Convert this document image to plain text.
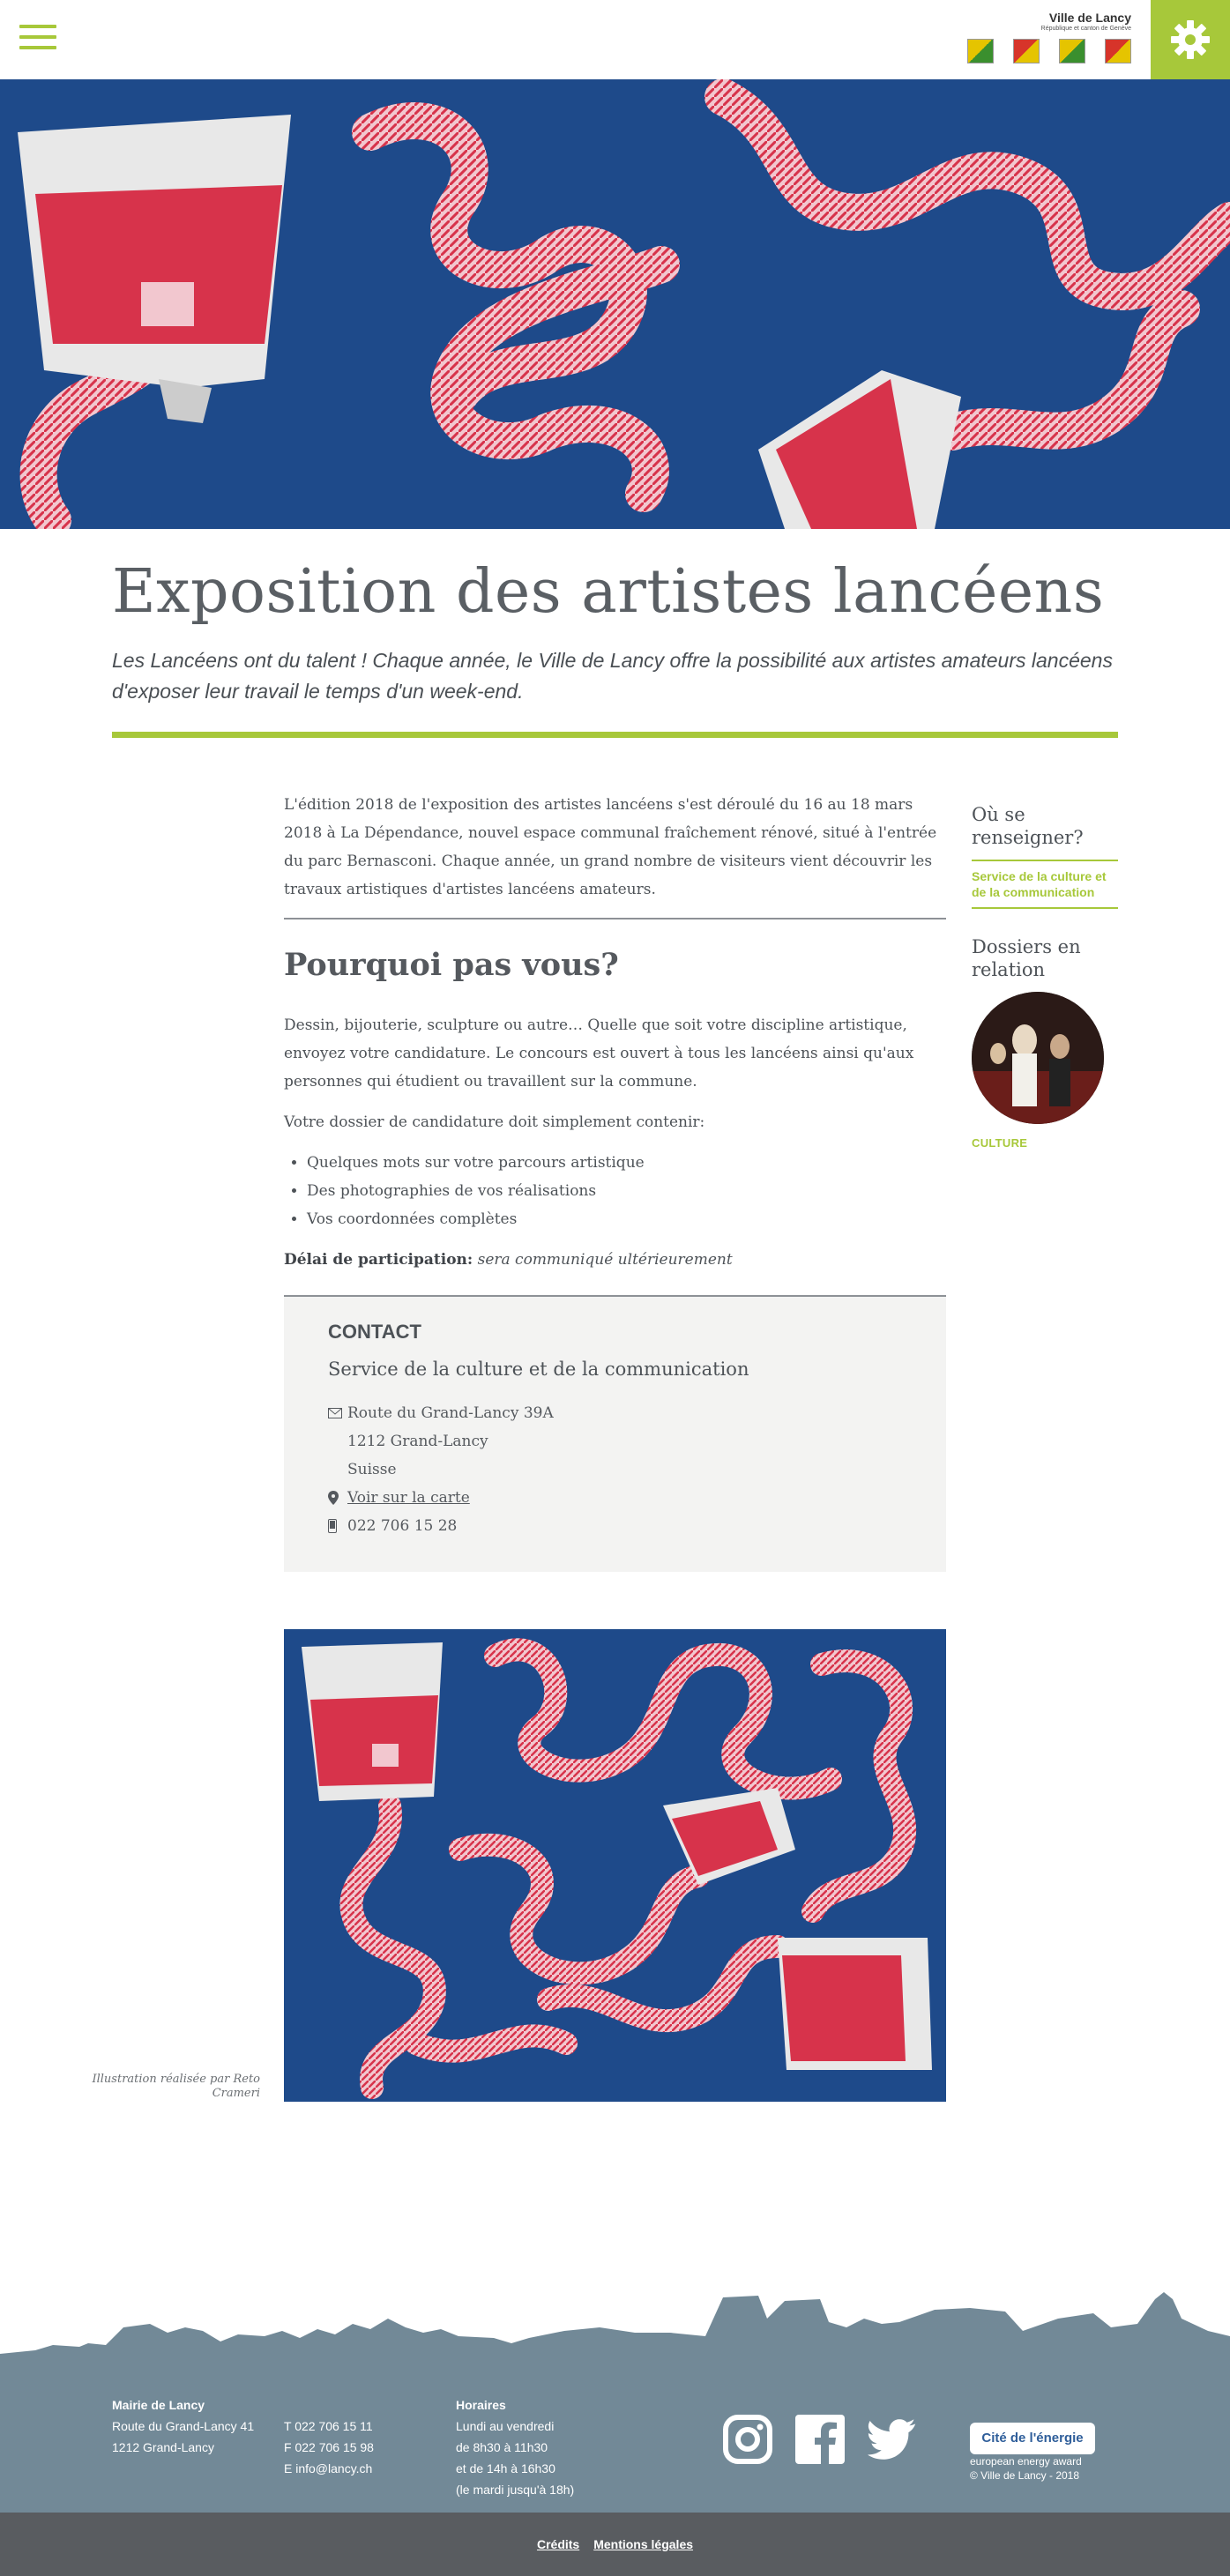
Ville de Lancy
République et canton de Genève
Exposition des artistes lancéens

Les Lancéens ont du talent ! Chaque année, le Ville de Lancy offre la possibilité aux artistes amateurs lancéens d'exposer leur travail le temps d'un week-end.

L'édition 2018 de l'exposition des artistes lancéens s'est déroulé du 16 au 18 mars 2018 à La Dépendance, nouvel espace communal fraîchement rénové, situé à l'entrée du parc Bernasconi. Chaque année, un grand nombre de visiteurs vient découvrir les travaux artistiques d'artistes lancéens amateurs.

Pourquoi pas vous?

Dessin, bijouterie, sculpture ou autre… Quelle que soit votre discipline artistique, envoyez votre candidature. Le concours est ouvert à tous les lancéens ainsi qu'aux personnes qui étudient ou travaillent sur la commune.

Votre dossier de candidature doit simplement contenir:

• Quelques mots sur votre parcours artistique
• Des photographies de vos réalisations
• Vos coordonnées complètes

Délai de participation: sera communiqué ultérieurement

CONTACT
Service de la culture et de la communication
Route du Grand-Lancy 39A
1212 Grand-Lancy
Suisse
Voir sur la carte
022 706 15 28

Illustration réalisée par Reto Crameri

Où se renseigner?
Service de la culture et de la communication
Dossiers en relation
CULTURE
Mairie de Lancy
Route du Grand-Lancy 41
1212 Grand-Lancy
T 022 706 15 11
F 022 706 15 98
E info@lancy.ch
Horaires
Lundi au vendredi
de 8h30 à 11h30
et de 14h à 16h30
(le mardi jusqu'à 18h)
Cité de l'énergie
european energy award
© Ville de Lancy - 2018
Crédits Mentions légales
